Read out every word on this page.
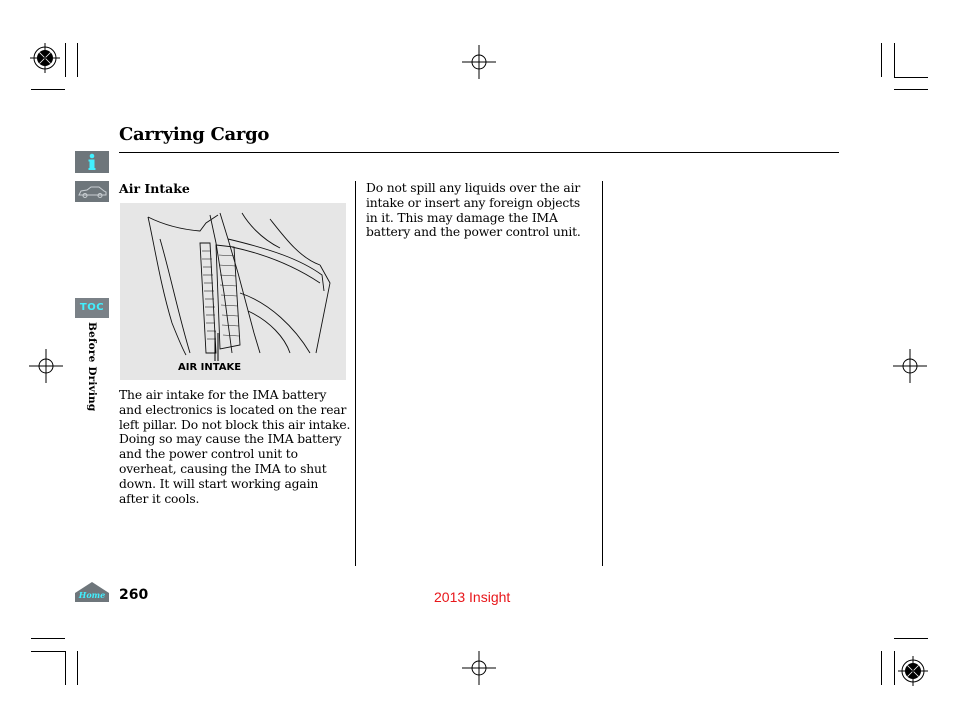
TOC
Before Driving
Home
Carrying Cargo
Air Intake
AIR INTAKE
The air intake for the IMA battery and electronics is located on the rear left pillar. Do not block this air intake. Doing so may cause the IMA battery and the power control unit to overheat, causing the IMA to shut down. It will start working again after it cools.
Do not spill any liquids over the air intake or insert any foreign objects in it. This may damage the IMA battery and the power control unit.
260	2013 Insight
